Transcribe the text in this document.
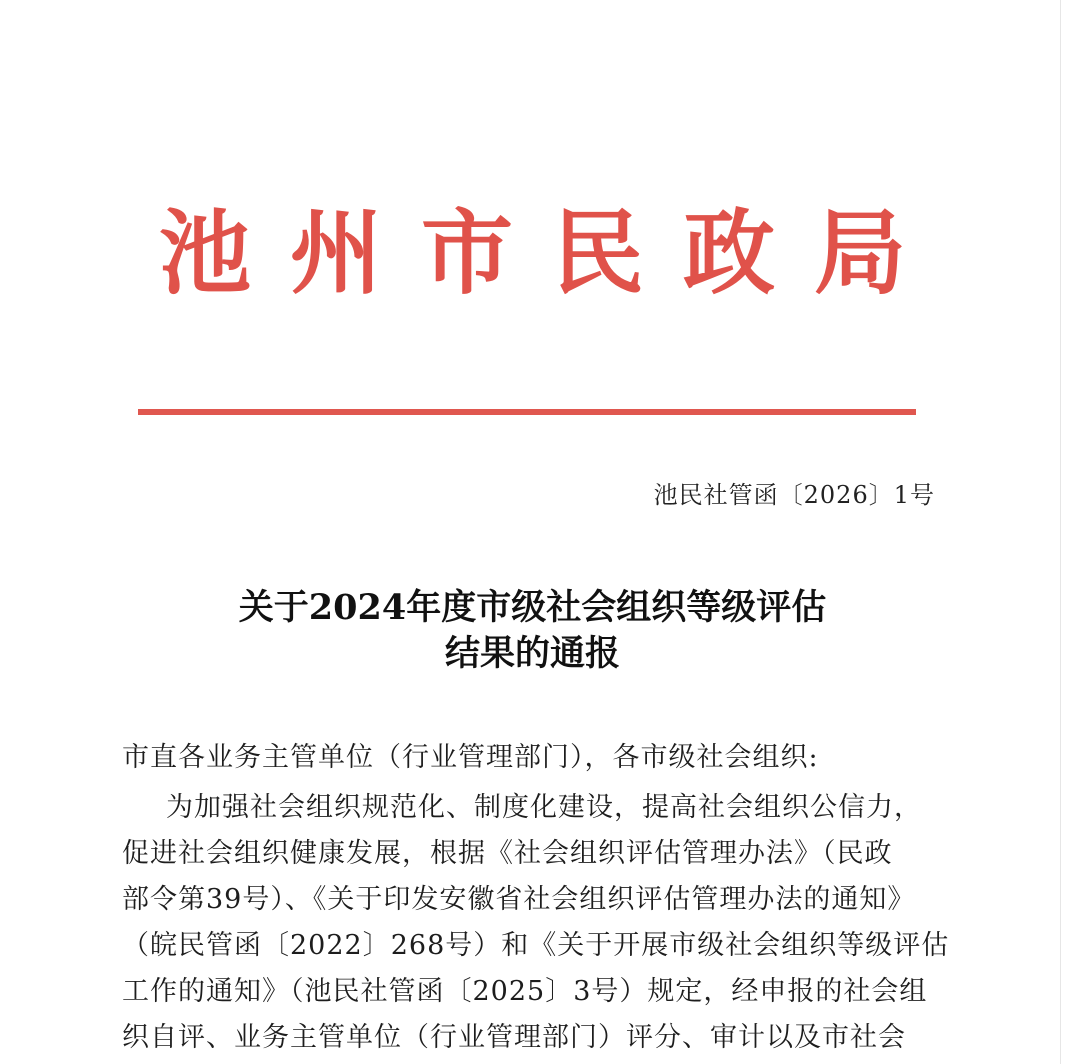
池 州 市 民 政 局
池民社管函〔2026〕1号
关于2024年度市级社会组织等级评估
结果的通报
市直各业务主管单位（行业管理部门），各市级社会组织:
为加强社会组织规范化、制度化建设，提高社会组织公信力，
促进社会组织健康发展，根据《社会组织评估管理办法》（民政
部令第39号）、《关于印发安徽省社会组织评估管理办法的通知》
（皖民管函〔2022〕268号）和《关于开展市级社会组织等级评估
工作的通知》（池民社管函〔2025〕3号）规定，经申报的社会组
织自评、业务主管单位（行业管理部门）评分、审计以及市社会
